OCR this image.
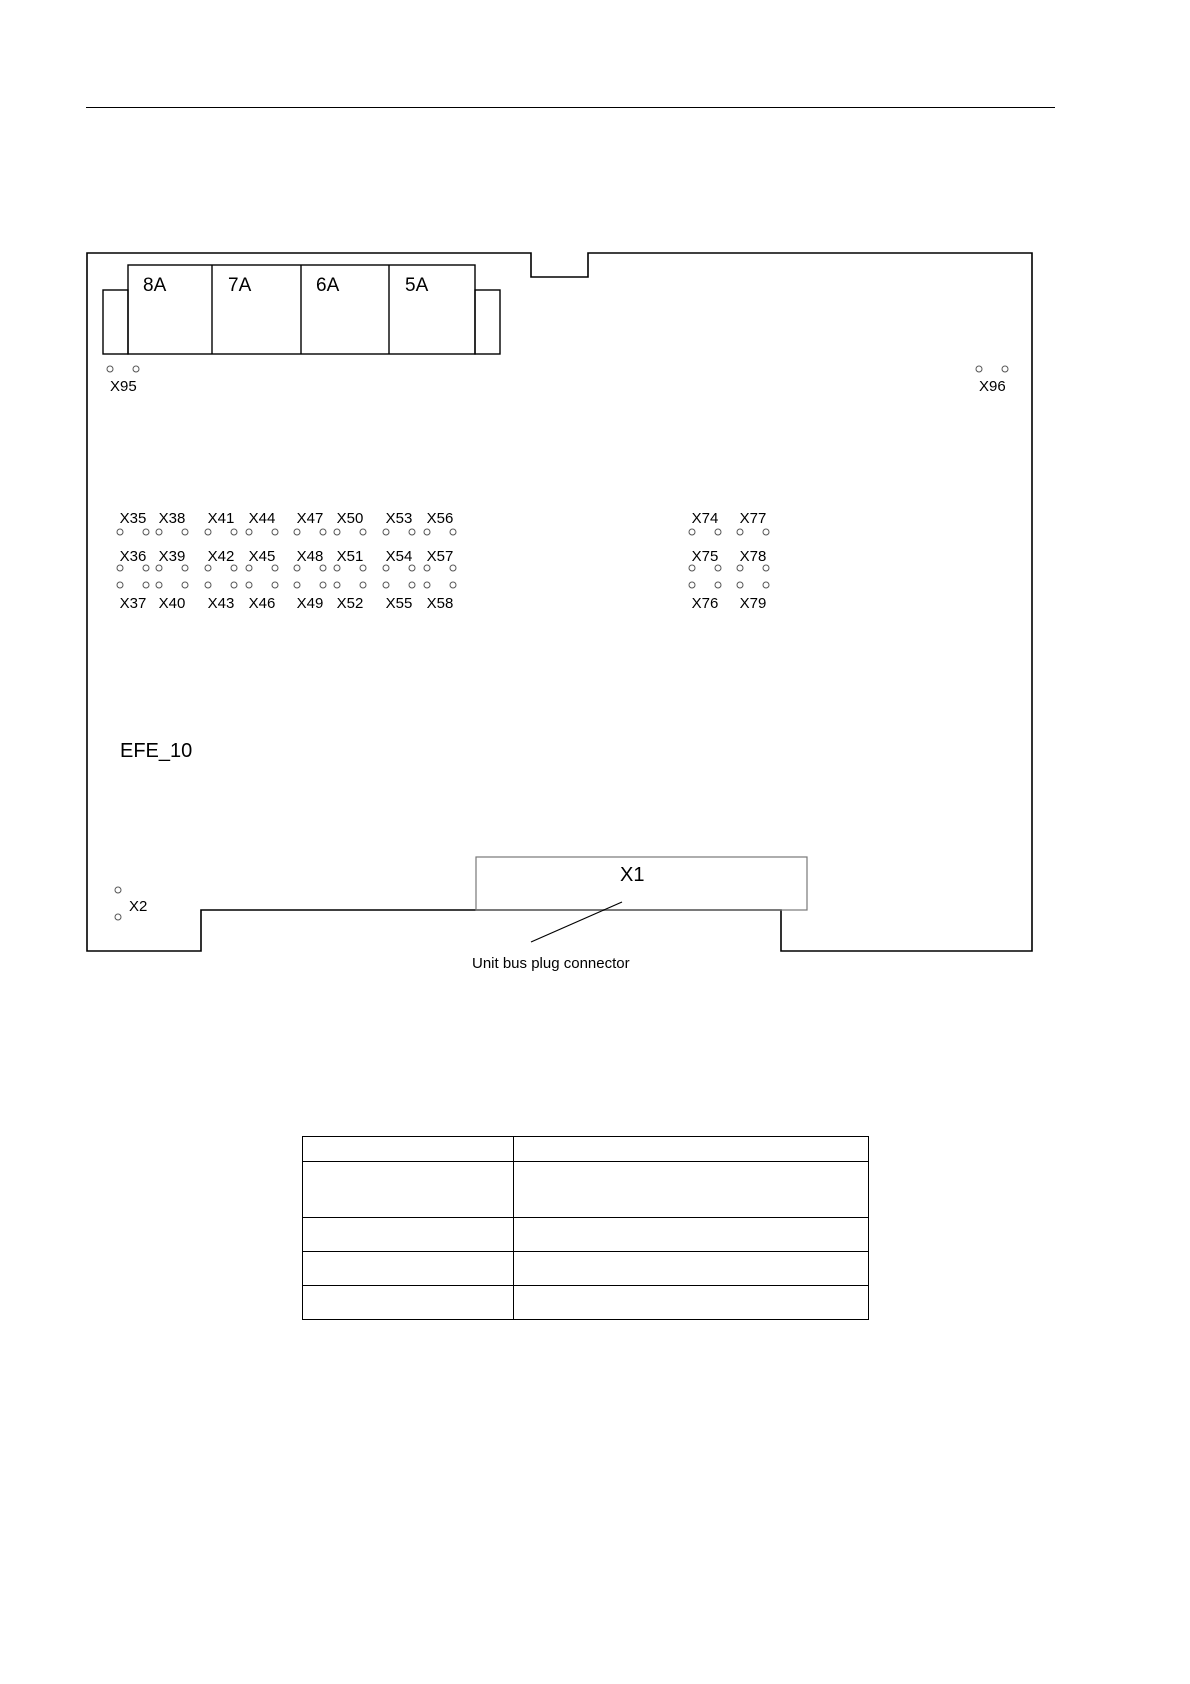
8A	7A	6A	5A
X95	X96
X2
X35
X36
X37
X38
X39
X40
X41
X42
X43
X44
X45
X46
X47
X48
X49
X50
X51
X52
X53
X54
X55
X56
X57
X58
X74
X75
X76
X77
X78
X79
EFE_10
X1
Unit bus plug connector
